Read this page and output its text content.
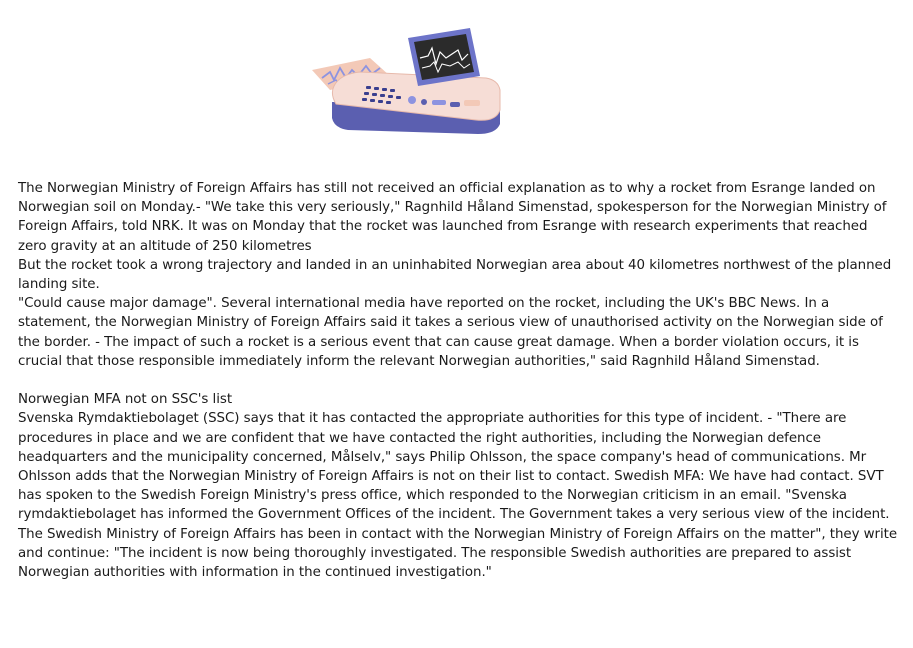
The Norwegian Ministry of Foreign Affairs has still not received an official explanation as to why a rocket from Esrange landed on Norwegian soil on Monday.- "We take this very seriously," Ragnhild Håland Simenstad, spokesperson for the Norwegian Ministry of Foreign Affairs, told NRK. It was on Monday that the rocket was launched from Esrange with research experiments that reached zero gravity at an altitude of 250 kilometres

But the rocket took a wrong trajectory and landed in an uninhabited Norwegian area about 40 kilometres northwest of the planned landing site.

"Could cause major damage". Several international media have reported on the rocket, including the UK's BBC News. In a statement, the Norwegian Ministry of Foreign Affairs said it takes a serious view of unauthorised activity on the Norwegian side of the border. - The impact of such a rocket is a serious event that can cause great damage. When a border violation occurs, it is crucial that those responsible immediately inform the relevant Norwegian authorities," said Ragnhild Håland Simenstad.

Norwegian MFA not on SSC's list

Svenska Rymdaktiebolaget (SSC) says that it has contacted the appropriate authorities for this type of incident. - "There are procedures in place and we are confident that we have contacted the right authorities, including the Norwegian defence headquarters and the municipality concerned, Målselv," says Philip Ohlsson, the space company's head of communications. Mr Ohlsson adds that the Norwegian Ministry of Foreign Affairs is not on their list to contact. Swedish MFA: We have had contact. SVT has spoken to the Swedish Foreign Ministry's press office, which responded to the Norwegian criticism in an email. "Svenska rymdaktiebolaget has informed the Government Offices of the incident. The Government takes a very serious view of the incident. The Swedish Ministry of Foreign Affairs has been in contact with the Norwegian Ministry of Foreign Affairs on the matter", they write and continue: "The incident is now being thoroughly investigated. The responsible Swedish authorities are prepared to assist Norwegian authorities with information in the continued investigation."
